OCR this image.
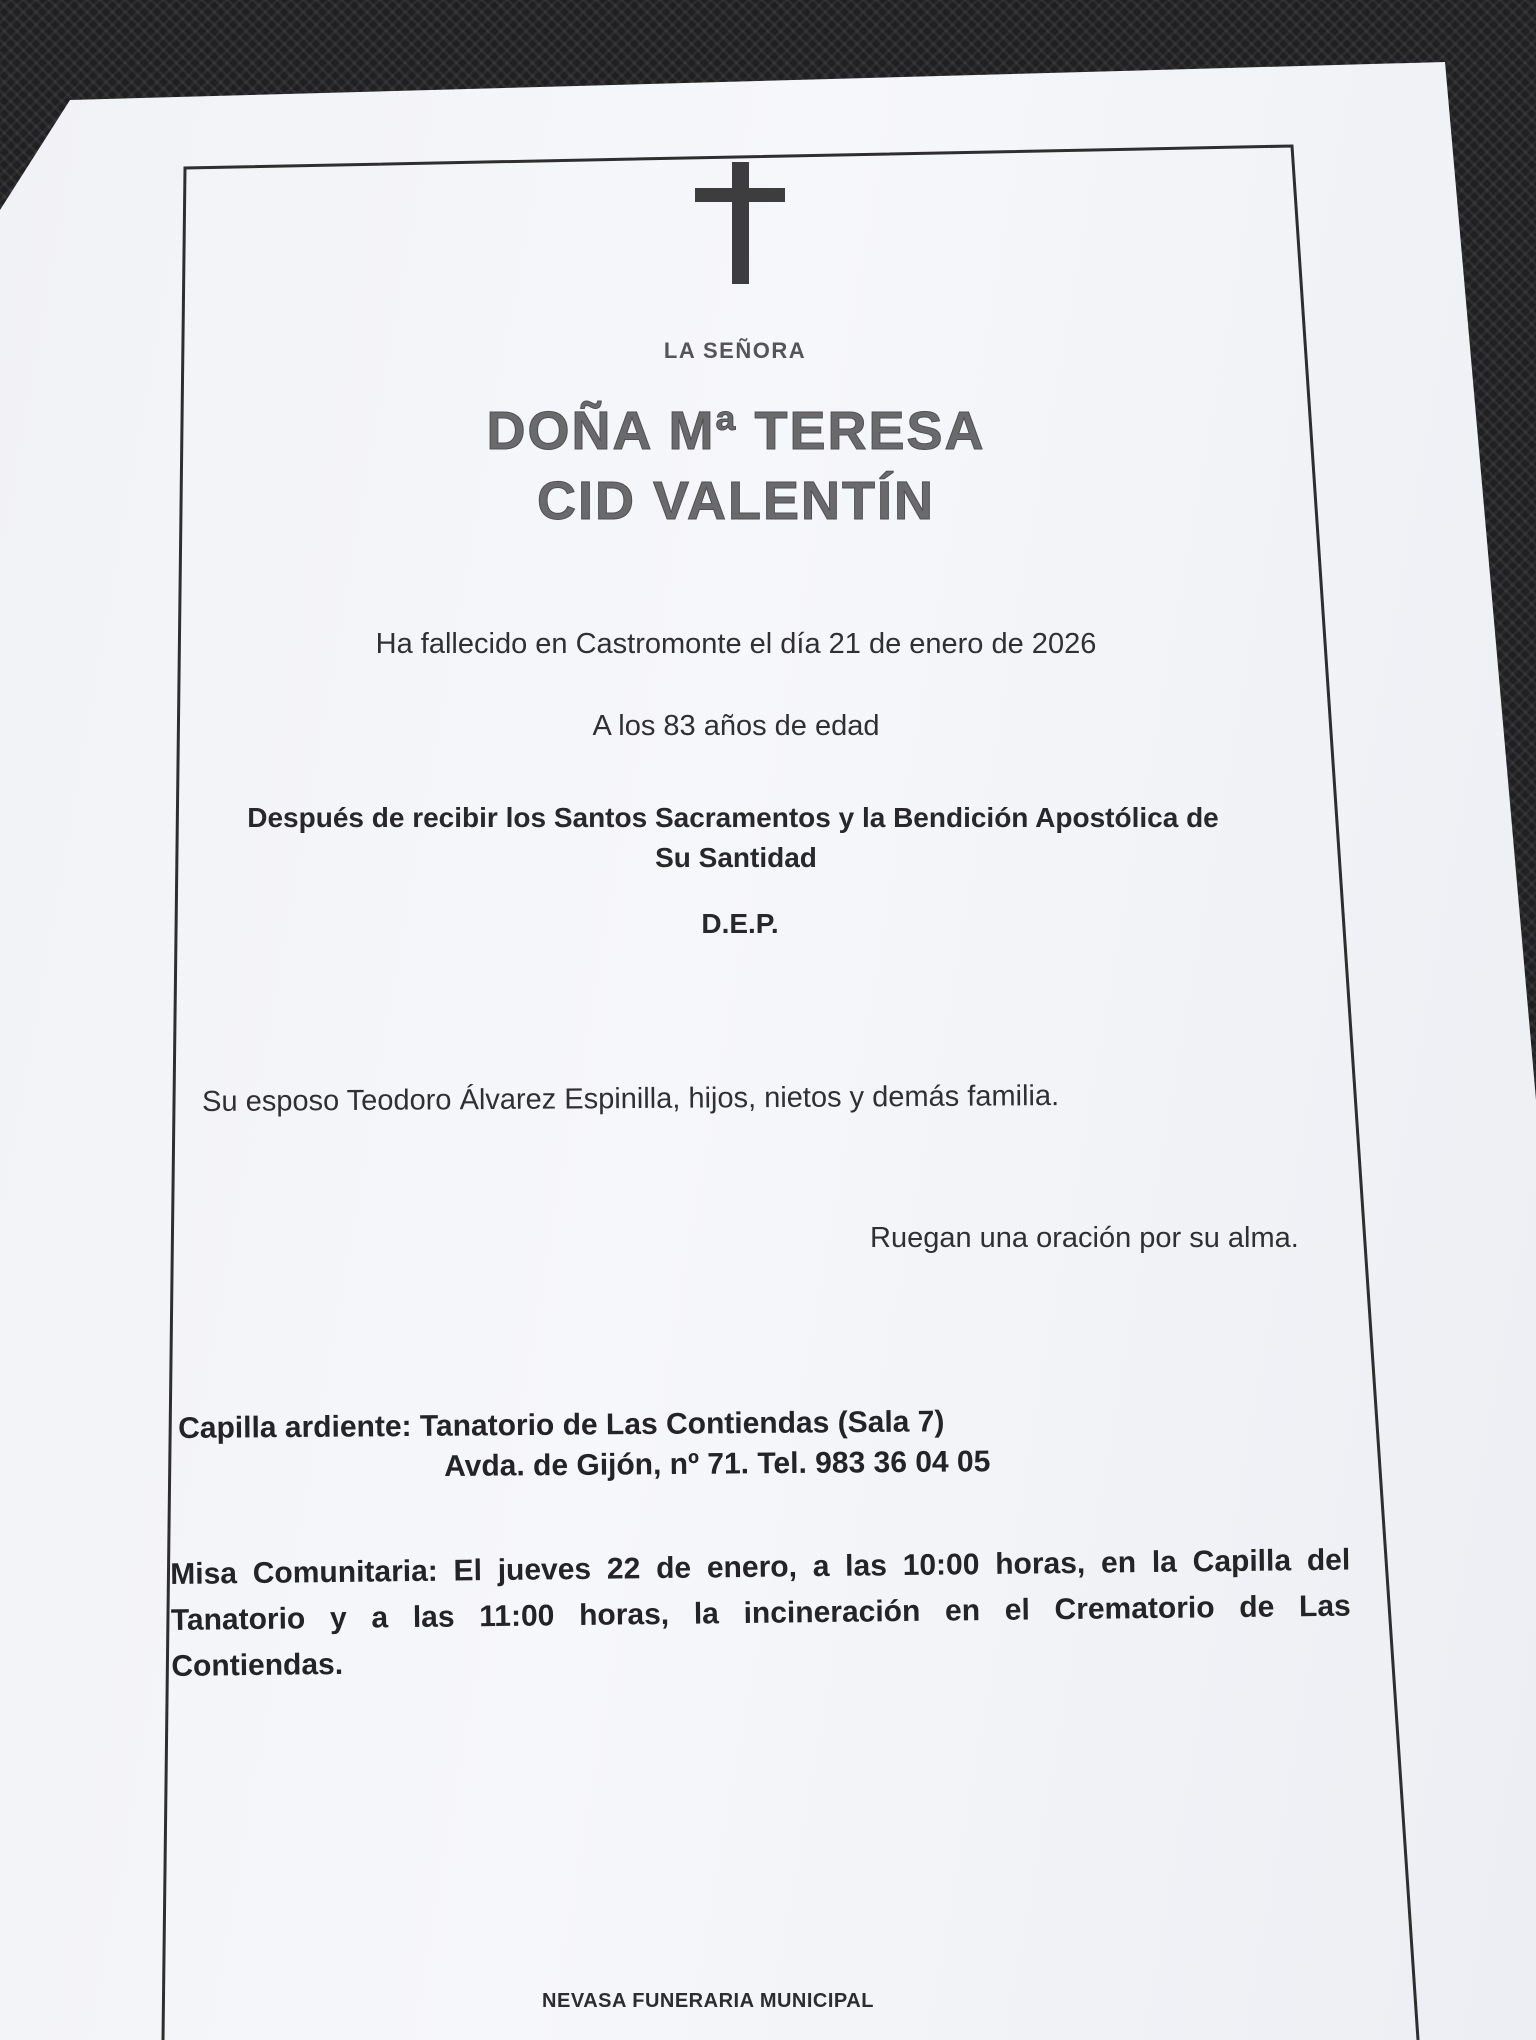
LA SEÑORA
DOÑA Mª TERESA
CID VALENTÍN
Ha fallecido en Castromonte el día 21 de enero de 2026
A los 83 años de edad
Después de recibir los Santos Sacramentos y la Bendición Apostólica de
Su Santidad
D.E.P.
Su esposo Teodoro Álvarez Espinilla, hijos, nietos y demás familia.
Ruegan una oración por su alma.
Capilla ardiente: Tanatorio de Las Contiendas (Sala 7)
Avda. de Gijón, nº 71. Tel. 983 36 04 05
Misa Comunitaria: El jueves 22 de enero, a las 10:00 horas, en la Capilla del
Tanatorio y a las 11:00 horas, la incineración en el Crematorio de Las
Contiendas.
NEVASA FUNERARIA MUNICIPAL
